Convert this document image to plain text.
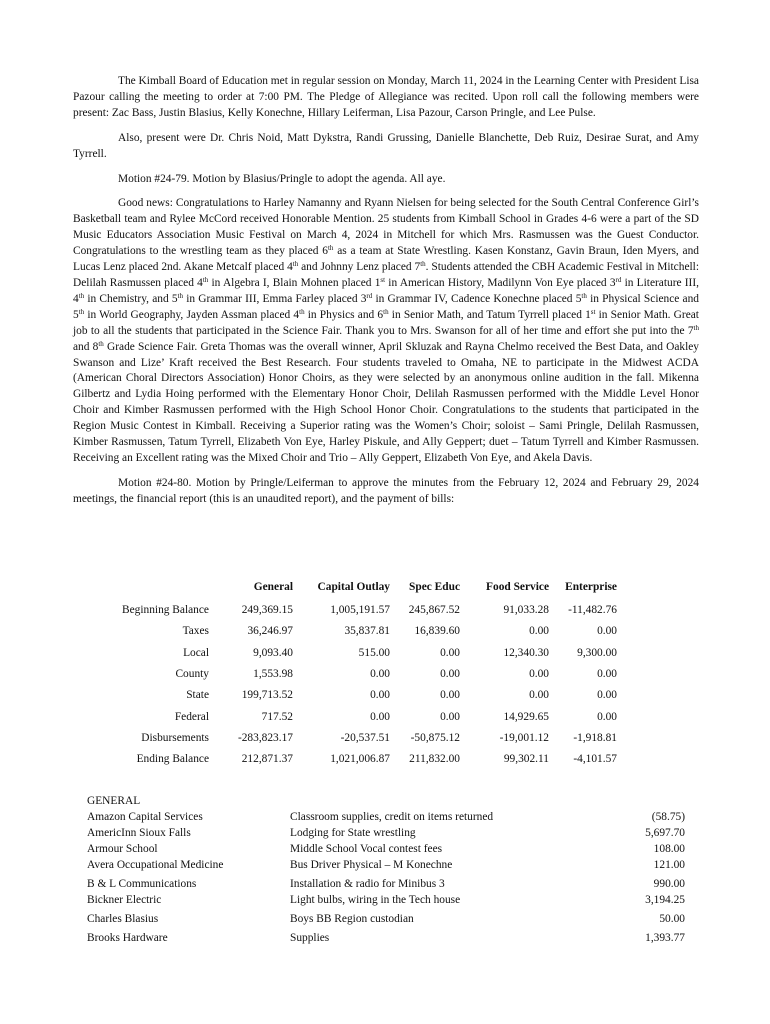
The Kimball Board of Education met in regular session on Monday, March 11, 2024 in the Learning Center with President Lisa Pazour calling the meeting to order at 7:00 PM. The Pledge of Allegiance was recited. Upon roll call the following members were present: Zac Bass, Justin Blasius, Kelly Konechne, Hillary Leiferman, Lisa Pazour, Carson Pringle, and Lee Pulse.

Also, present were Dr. Chris Noid, Matt Dykstra, Randi Grussing, Danielle Blanchette, Deb Ruiz, Desirae Surat, and Amy Tyrrell.

Motion #24-79. Motion by Blasius/Pringle to adopt the agenda. All aye.

Good news: Congratulations to Harley Namanny and Ryann Nielsen for being selected for the South Central Conference Girl’s Basketball team and Rylee McCord received Honorable Mention. 25 students from Kimball School in Grades 4-6 were a part of the SD Music Educators Association Music Festival on March 4, 2024 in Mitchell for which Mrs. Rasmussen was the Guest Conductor. Congratulations to the wrestling team as they placed 6th as a team at State Wrestling. Kasen Konstanz, Gavin Braun, Iden Myers, and Lucas Lenz placed 2nd. Akane Metcalf placed 4th and Johnny Lenz placed 7th. Students attended the CBH Academic Festival in Mitchell: Delilah Rasmussen placed 4th in Algebra I, Blain Mohnen placed 1st in American History, Madilynn Von Eye placed 3rd in Literature III, 4th in Chemistry, and 5th in Grammar III, Emma Farley placed 3rd in Grammar IV, Cadence Konechne placed 5th in Physical Science and 5th in World Geography, Jayden Assman placed 4th in Physics and 6th in Senior Math, and Tatum Tyrrell placed 1st in Senior Math. Great job to all the students that participated in the Science Fair. Thank you to Mrs. Swanson for all of her time and effort she put into the 7th and 8th Grade Science Fair. Greta Thomas was the overall winner, April Skluzak and Rayna Chelmo received the Best Data, and Oakley Swanson and Lize’ Kraft received the Best Research. Four students traveled to Omaha, NE to participate in the Midwest ACDA (American Choral Directors Association) Honor Choirs, as they were selected by an anonymous online audition in the fall. Mikenna Gilbertz and Lydia Hoing performed with the Elementary Honor Choir, Delilah Rasmussen performed with the Middle Level Honor Choir and Kimber Rasmussen performed with the High School Honor Choir. Congratulations to the students that participated in the Region Music Contest in Kimball. Receiving a Superior rating was the Women’s Choir; soloist – Sami Pringle, Delilah Rasmussen, Kimber Rasmussen, Tatum Tyrrell, Elizabeth Von Eye, Harley Piskule, and Ally Geppert; duet – Tatum Tyrrell and Kimber Rasmussen. Receiving an Excellent rating was the Mixed Choir and Trio – Ally Geppert, Elizabeth Von Eye, and Akela Davis.

Motion #24-80. Motion by Pringle/Leiferman to approve the minutes from the February 12, 2024 and February 29, 2024 meetings, the financial report (this is an unaudited report), and the payment of bills:

	General	Capital Outlay	Spec Educ	Food Service	Enterprise
Beginning Balance	249,369.15	1,005,191.57	245,867.52	91,033.28	-11,482.76
Taxes	36,246.97	35,837.81	16,839.60	0.00	0.00
Local	9,093.40	515.00	0.00	12,340.30	9,300.00
County	1,553.98	0.00	0.00	0.00	0.00
State	199,713.52	0.00	0.00	0.00	0.00
Federal	717.52	0.00	0.00	14,929.65	0.00
Disbursements	-283,823.17	-20,537.51	-50,875.12	-19,001.12	-1,918.81
Ending Balance	212,871.37	1,021,006.87	211,832.00	99,302.11	-4,101.57
GENERAL
Amazon Capital Services	Classroom supplies, credit on items returned	(58.75)
AmericInn Sioux Falls	Lodging for State wrestling	5,697.70
Armour School	Middle School Vocal contest fees	108.00
Avera Occupational Medicine	Bus Driver Physical – M Konechne	121.00
B & L Communications	Installation & radio for Minibus 3	990.00
Bickner Electric	Light bulbs, wiring in the Tech house	3,194.25
Charles Blasius	Boys BB Region custodian	50.00
Brooks Hardware	Supplies	1,393.77
